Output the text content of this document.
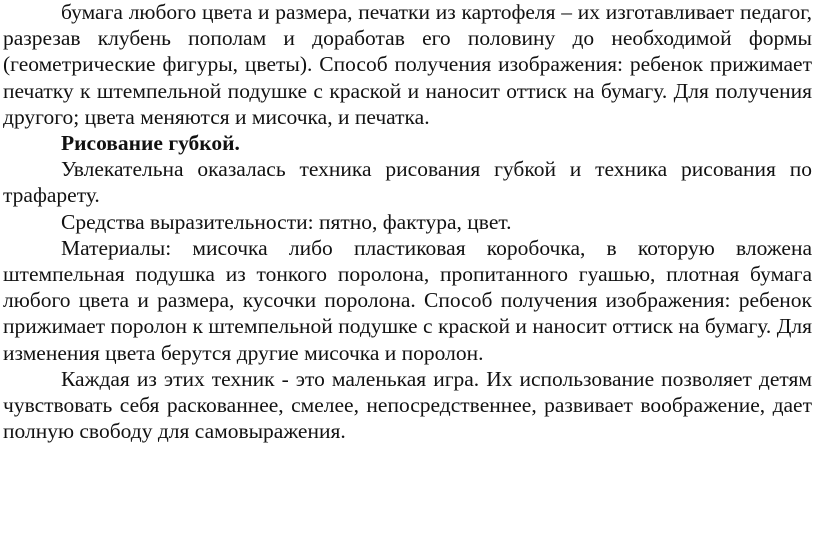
бумага любого цвета и размера, печатки из картофеля – их изготавливает педагог, разрезав клубень пополам и доработав его половину до необходимой формы (геометрические фигуры, цветы). Способ получения изображения: ребенок прижимает печатку к штемпельной подушке с краской и наносит оттиск на бумагу. Для получения другого; цвета меняются и мисочка, и печатка.

Рисование губкой.

Увлекательна оказалась техника рисования губкой и техника рисования по трафарету.

Средства выразительности: пятно, фактура, цвет.

Материалы: мисочка либо пластиковая коробочка, в которую вложена штемпельная подушка из тонкого поролона, пропитанного гуашью, плотная бумага любого цвета и размера, кусочки поролона. Способ получения изображения: ребенок прижимает поролон к штемпельной подушке с краской и наносит оттиск на бумагу. Для изменения цвета берутся другие мисочка и поролон.

Каждая из этих техник - это маленькая игра. Их использование позволяет детям чувствовать себя раскованнее, смелее, непосредственнее, развивает воображение, дает полную свободу для самовыражения.
